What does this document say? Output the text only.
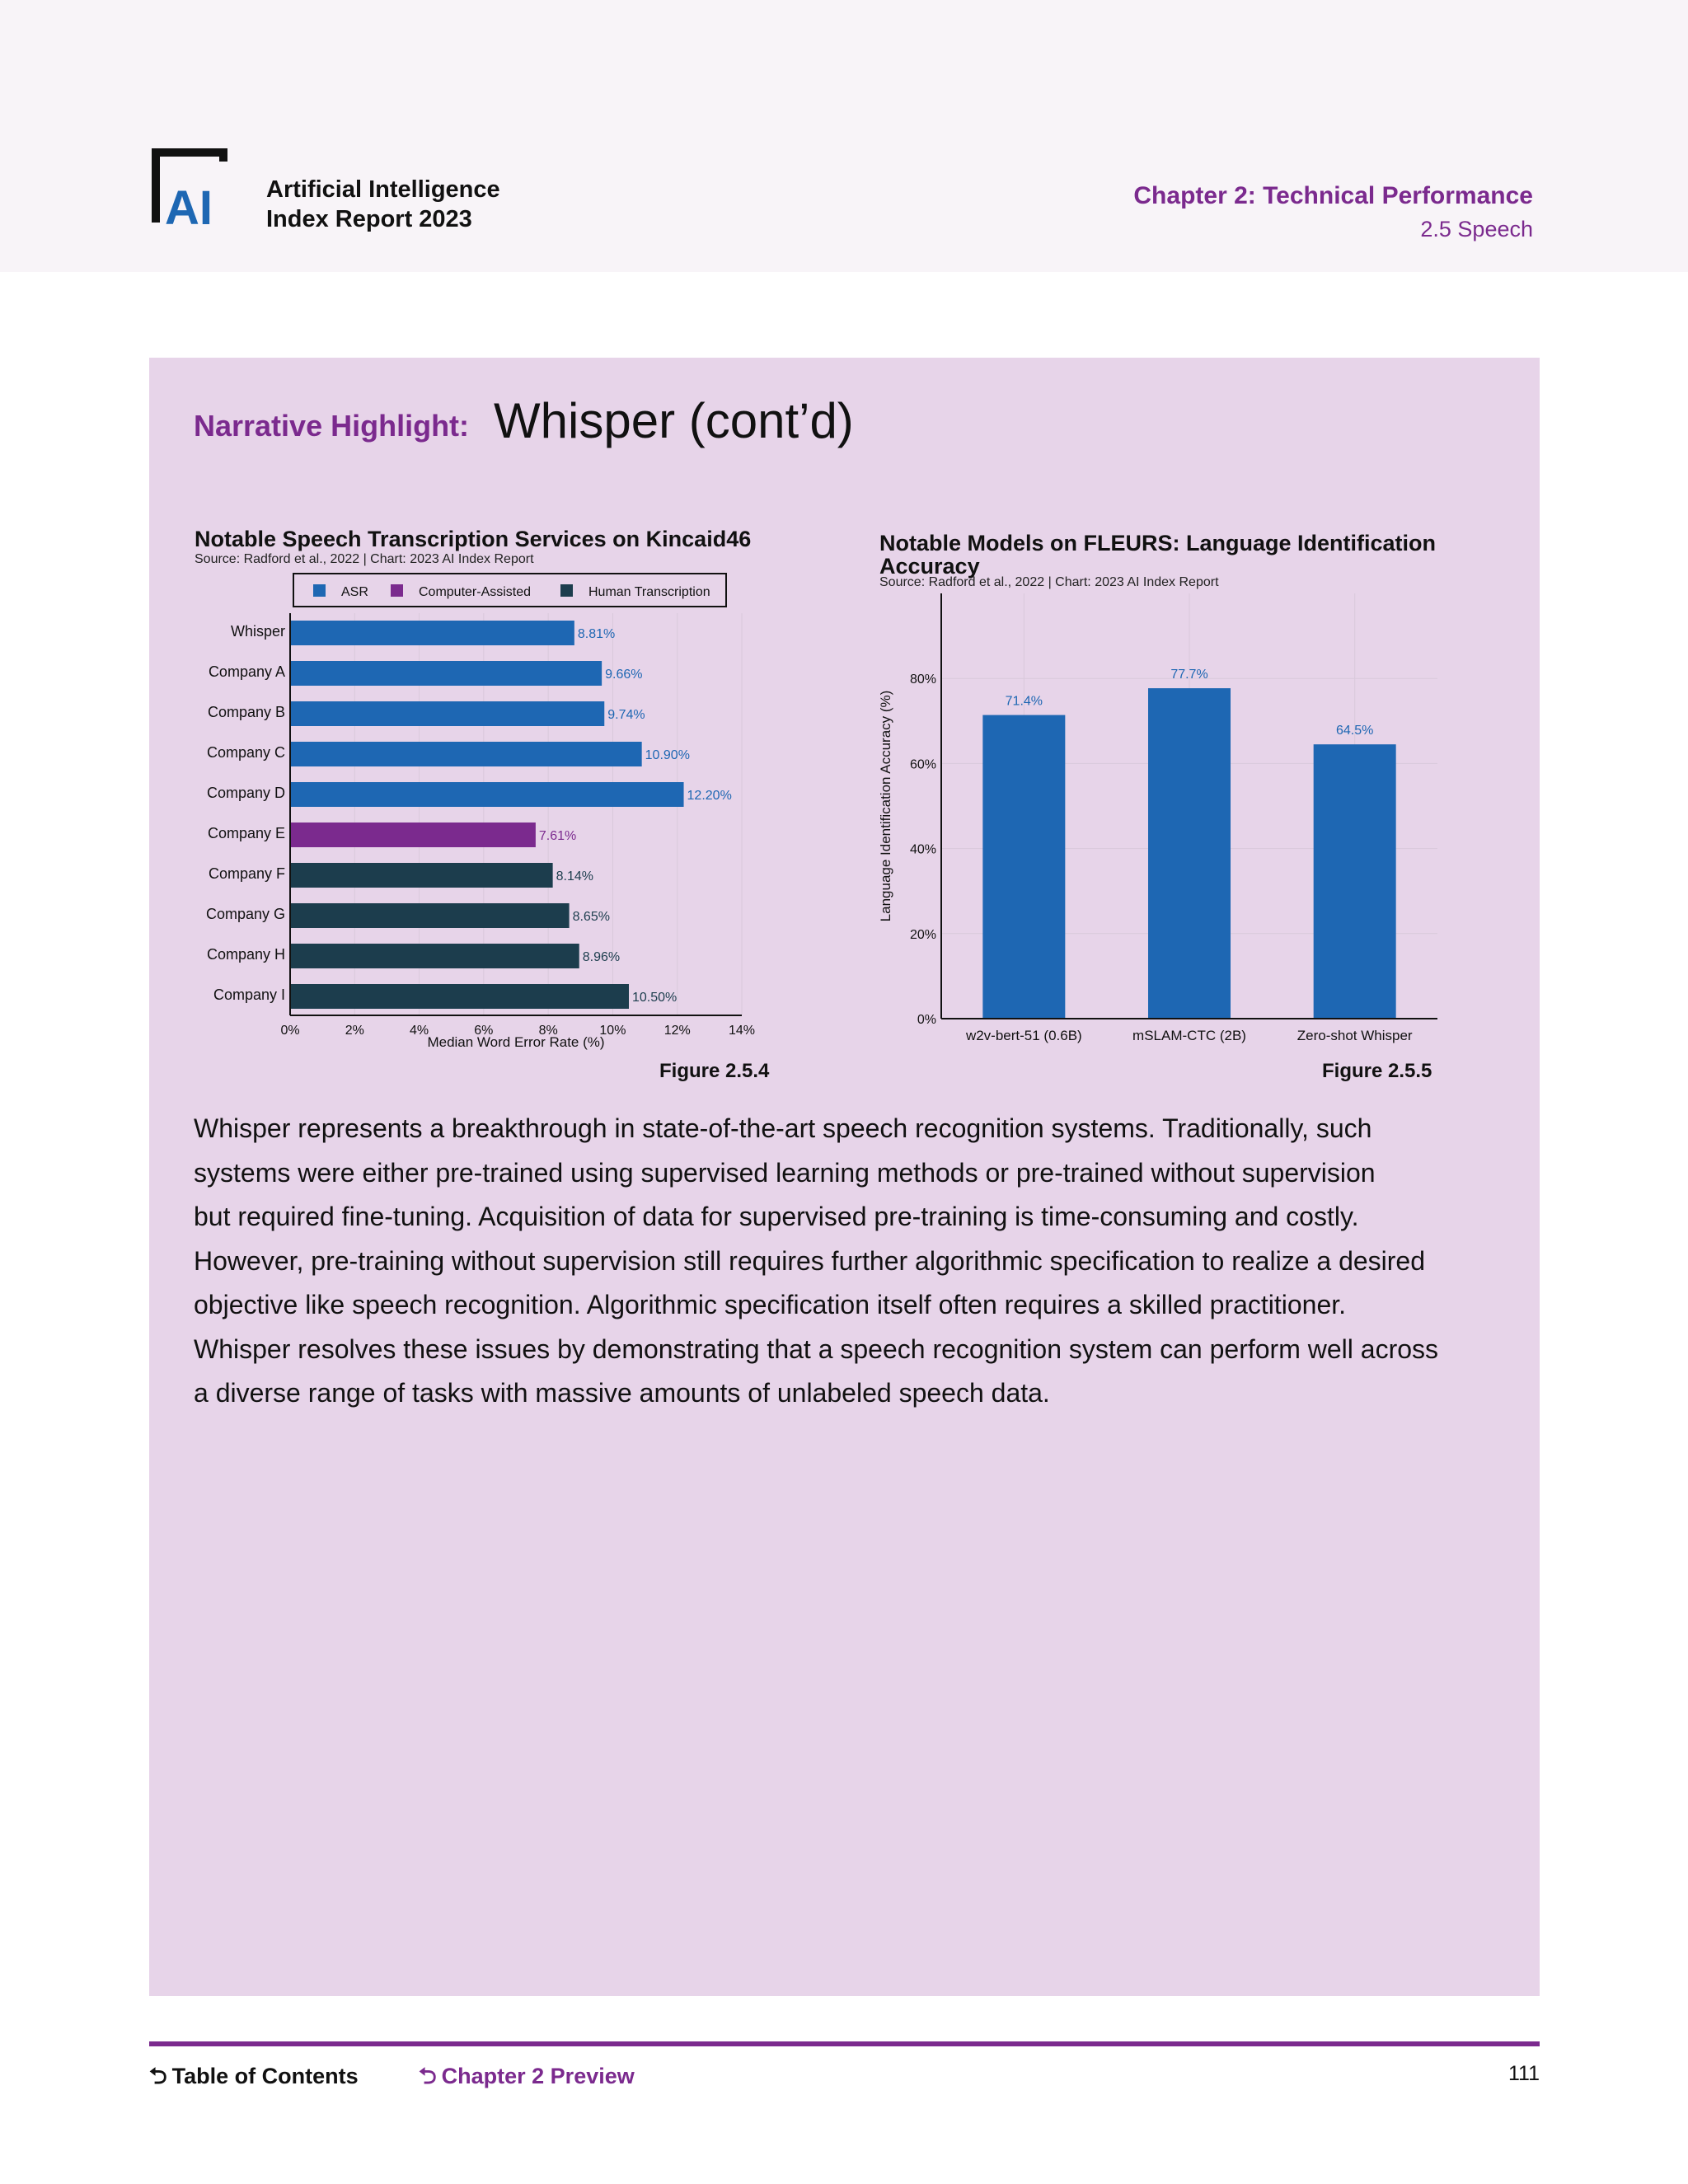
AI Artificial Intelligence
Index Report 2023
Chapter 2: Technical Performance
2.5 Speech
Narrative Highlight: Whisper (cont’d)
Notable Speech Transcription Services on Kincaid46
Source: Radford et al., 2022 | Chart: 2023 AI Index Report
ASR	Computer-Assisted	Human Transcription
0%	2%	4%	6%	8%	10%	12%	14%
Whisper	8.81%
Company A	9.66%
Company B	9.74%
Company C	10.90%
Company D	12.20%
Company E	7.61%
Company F	8.14%
Company G	8.65%
Company H	8.96%
Company I	10.50%
Median Word Error Rate (%)
Figure 2.5.4
Notable Models on FLEURS: Language Identification
Accuracy
Source: Radford et al., 2022 | Chart: 2023 AI Index Report
0%
20%
40%
60%
80%
71.4%
w2v-bert-51 (0.6B)
77.7%
mSLAM-CTC (2B)
64.5%
Zero-shot Whisper
Language Identification Accuracy (%)
Figure 2.5.5

Whisper represents a breakthrough in state-of-the-art speech recognition systems. Traditionally, such

systems were either pre-trained using supervised learning methods or pre-trained without supervision

but required fine-tuning. Acquisition of data for supervised pre-training is time-consuming and costly.

However, pre-training without supervision still requires further algorithmic specification to realize a desired

objective like speech recognition. Algorithmic specification itself often requires a skilled practitioner.

Whisper resolves these issues by demonstrating that a speech recognition system can perform well across

a diverse range of tasks with massive amounts of unlabeled speech data.

⮌ Table of Contents	⮌ Chapter 2 Preview	111
